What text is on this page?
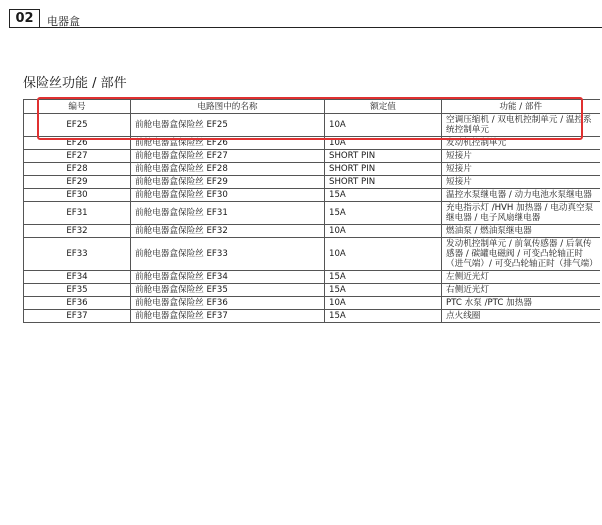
02	电器盒
保险丝功能 / 部件
编号	电路图中的名称	额定值	功能 / 部件
EF25	前舱电器盒保险丝 EF25	10A	空调压缩机 / 双电机控制单元 / 温控系统控制单元
EF26	前舱电器盒保险丝 EF26	10A	发动机控制单元
EF27	前舱电器盒保险丝 EF27	SHORT PIN	短接片
EF28	前舱电器盒保险丝 EF28	SHORT PIN	短接片
EF29	前舱电器盒保险丝 EF29	SHORT PIN	短接片
EF30	前舱电器盒保险丝 EF30	15A	温控水泵继电器 / 动力电池水泵继电器
EF31	前舱电器盒保险丝 EF31	15A	充电指示灯 /HVH 加热器 / 电动真空泵继电器 / 电子风扇继电器
EF32	前舱电器盒保险丝 EF32	10A	燃油泵 / 燃油泵继电器
EF33	前舱电器盒保险丝 EF33	10A	发动机控制单元 / 前氧传感器 / 后氧传感器 / 碳罐电磁阀 / 可变凸轮轴正时（进气端）/ 可变凸轮轴正时（排气端）
EF34	前舱电器盒保险丝 EF34	15A	左侧近光灯
EF35	前舱电器盒保险丝 EF35	15A	右侧近光灯
EF36	前舱电器盒保险丝 EF36	10A	PTC 水泵 /PTC 加热器
EF37	前舱电器盒保险丝 EF37	15A	点火线圈
